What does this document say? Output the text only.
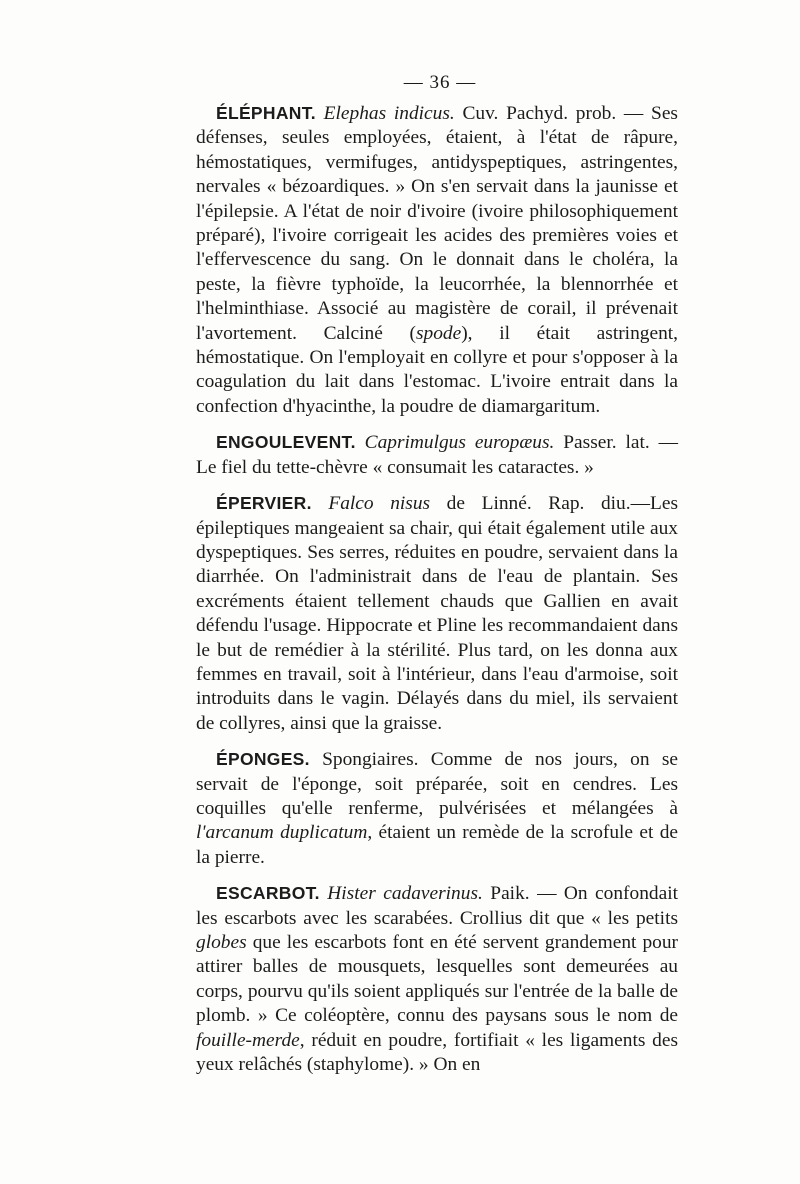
— 36 —

ÉLÉPHANT. Elephas indicus. Cuv. Pachyd. prob. — Ses défenses, seules employées, étaient, à l'état de râpure, hémostatiques, vermifuges, antidyspeptiques, astringentes, nervales « bézoardiques. » On s'en servait dans la jaunisse et l'épilepsie. A l'état de noir d'ivoire (ivoire philosophiquement préparé), l'ivoire corrigeait les acides des premières voies et l'effervescence du sang. On le donnait dans le choléra, la peste, la fièvre typhoïde, la leucorrhée, la blennorrhée et l'helminthiase. Associé au magistère de corail, il prévenait l'avortement. Calciné (spode), il était astringent, hémostatique. On l'employait en collyre et pour s'opposer à la coagulation du lait dans l'estomac. L'ivoire entrait dans la confection d'hyacinthe, la poudre de diamargaritum.

ENGOULEVENT. Caprimulgus europæus. Passer. lat. — Le fiel du tette-chèvre « consumait les cataractes. »

ÉPERVIER. Falco nisus de Linné. Rap. diu.—Les épileptiques mangeaient sa chair, qui était également utile aux dyspeptiques. Ses serres, réduites en poudre, servaient dans la diarrhée. On l'administrait dans de l'eau de plantain. Ses excréments étaient tellement chauds que Gallien en avait défendu l'usage. Hippocrate et Pline les recommandaient dans le but de remédier à la stérilité. Plus tard, on les donna aux femmes en travail, soit à l'intérieur, dans l'eau d'armoise, soit introduits dans le vagin. Délayés dans du miel, ils servaient de collyres, ainsi que la graisse.

ÉPONGES. Spongiaires. Comme de nos jours, on se servait de l'éponge, soit préparée, soit en cendres. Les coquilles qu'elle renferme, pulvérisées et mélangées à l'arcanum duplicatum, étaient un remède de la scrofule et de la pierre.

ESCARBOT. Hister cadaverinus. Paik. — On confondait les escarbots avec les scarabées. Crollius dit que « les petits globes que les escarbots font en été servent grandement pour attirer balles de mousquets, lesquelles sont demeurées au corps, pourvu qu'ils soient appliqués sur l'entrée de la balle de plomb. » Ce coléoptère, connu des paysans sous le nom de fouille-merde, réduit en poudre, fortifiait « les ligaments des yeux relâchés (staphylome). » On en
